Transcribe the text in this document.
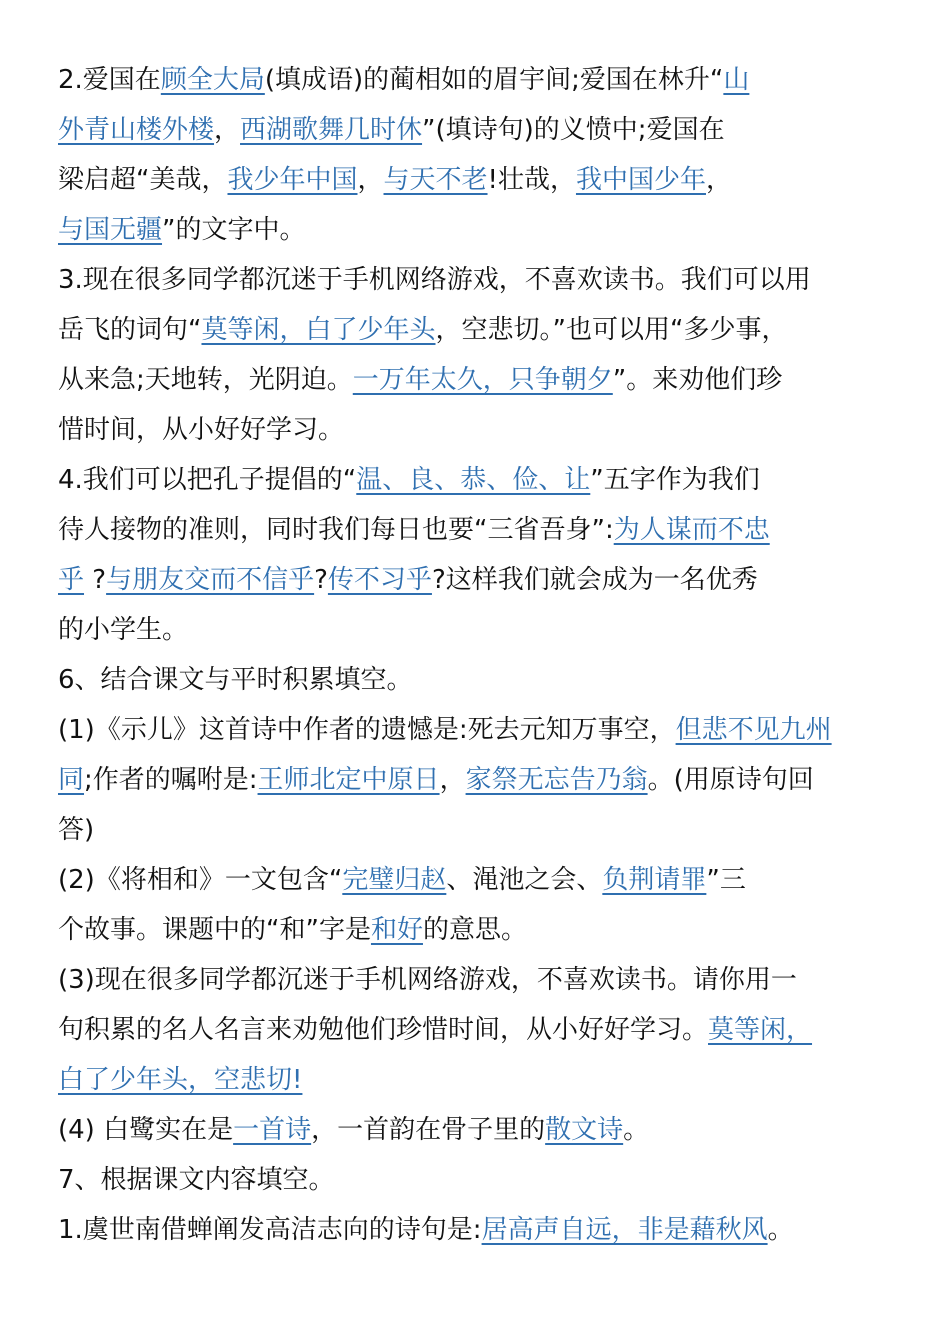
2.爱国在顾全大局(填成语)的蔺相如的眉宇间;爱国在林升“山
外青山楼外楼，西湖歌舞几时休”(填诗句)的义愤中;爱国在
梁启超“美哉，我少年中国，与天不老!壮哉，我中国少年，
与国无疆”的文字中。
3.现在很多同学都沉迷于手机网络游戏，不喜欢读书。我们可以用
岳飞的词句“莫等闲，白了少年头，空悲切。”也可以用“多少事，
从来急;天地转，光阴迫。一万年太久，只争朝夕”。来劝他们珍
惜时间，从小好好学习。
4.我们可以把孔子提倡的“温、良、恭、俭、让”五字作为我们
待人接物的准则，同时我们每日也要“三省吾身”:为人谋而不忠
乎 ?与朋友交而不信乎?传不习乎?这样我们就会成为一名优秀
的小学生。
6、结合课文与平时积累填空。
(1)《示儿》这首诗中作者的遗憾是:死去元知万事空，但悲不见九州
同;作者的嘱咐是:王师北定中原日，家祭无忘告乃翁。(用原诗句回
答)
(2)《将相和》一文包含“完璧归赵、渑池之会、负荆请罪”三
个故事。课题中的“和”字是和好的意思。
(3)现在很多同学都沉迷于手机网络游戏，不喜欢读书。请你用一
句积累的名人名言来劝勉他们珍惜时间，从小好好学习。莫等闲，
白了少年头，空悲切!
(4) 白鹭实在是一首诗，一首韵在骨子里的散文诗。
7、根据课文内容填空。
1.虞世南借蝉阐发高洁志向的诗句是:居高声自远，非是藉秋风。
